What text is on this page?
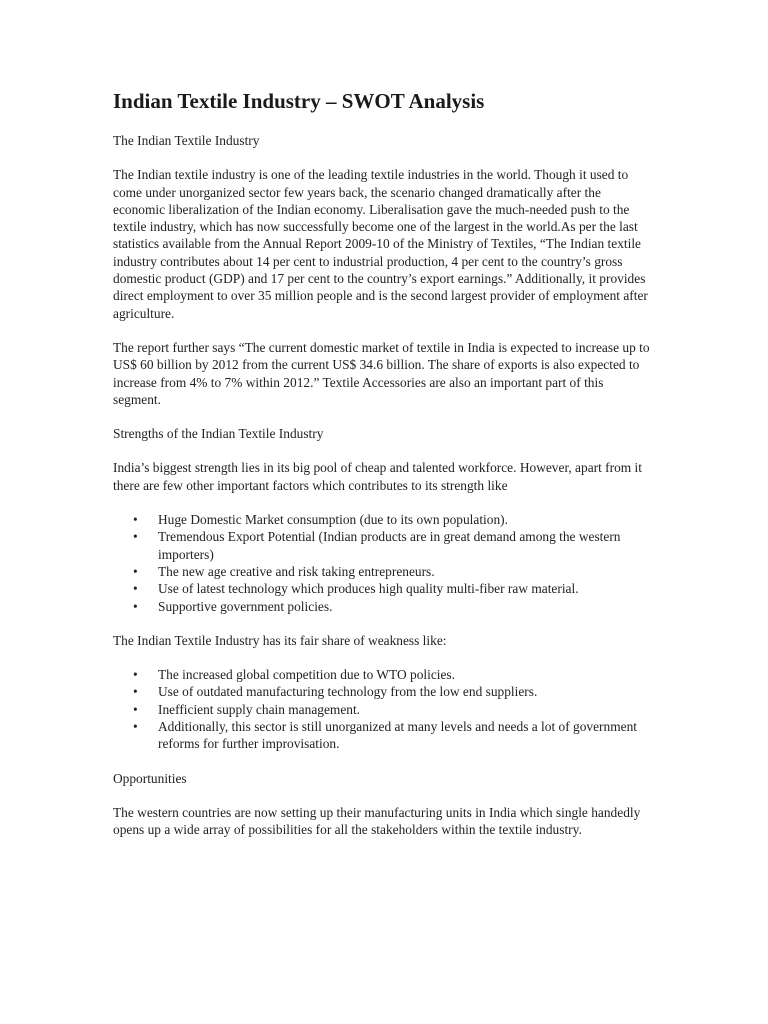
Indian Textile Industry – SWOT Analysis
The Indian Textile Industry

The Indian textile industry is one of the leading textile industries in the world. Though it used to come under unorganized sector few years back, the scenario changed dramatically after the economic liberalization of the Indian economy. Liberalisation gave the much-needed push to the textile industry, which has now successfully become one of the largest in the world.As per the last statistics available from the Annual Report 2009-10 of the Ministry of Textiles, “The Indian textile industry contributes about 14 per cent to industrial production, 4 per cent to the country’s gross domestic product (GDP) and 17 per cent to the country’s export earnings.” Additionally, it provides direct employment to over 35 million people and is the second largest provider of employment after agriculture.

The report further says “The current domestic market of textile in India is expected to increase up to US$ 60 billion by 2012 from the current US$ 34.6 billion. The share of exports is also expected to increase from 4% to 7% within 2012.” Textile Accessories are also an important part of this segment.

Strengths of the Indian Textile Industry

India’s biggest strength lies in its big pool of cheap and talented workforce. However, apart from it there are few other important factors which contributes to its strength like

• Huge Domestic Market consumption (due to its own population).
• Tremendous Export Potential (Indian products are in great demand among the western importers)
• The new age creative and risk taking entrepreneurs.
• Use of latest technology which produces high quality multi-fiber raw material.
• Supportive government policies.

The Indian Textile Industry has its fair share of weakness like:

• The increased global competition due to WTO policies.
• Use of outdated manufacturing technology from the low end suppliers.
• Inefficient supply chain management.
• Additionally, this sector is still unorganized at many levels and needs a lot of government reforms for further improvisation.
Opportunities

The western countries are now setting up their manufacturing units in India which single handedly opens up a wide array of possibilities for all the stakeholders within the textile industry.
